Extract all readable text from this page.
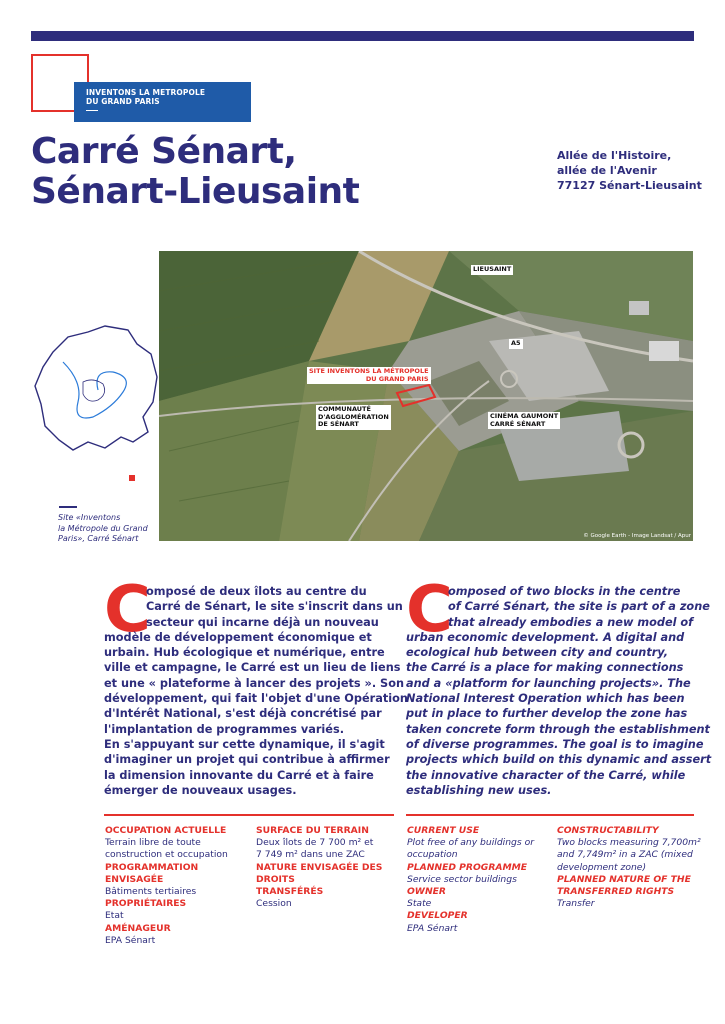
INVENTONS LA METROPOLE
DU GRAND PARIS
Carré Sénart,
Sénart-Lieusaint
Allée de l'Histoire,
allée de l'Avenir
77127 Sénart-Lieusaint
LIEUSAINT
A5
SITE INVENTONS LA MÉTROPOLE
DU GRAND PARIS
COMMUNAUTÉ
D'AGGLOMÉRATION
DE SÉNART
CINÉMA GAUMONT
CARRÉ SÉNART
© Google Earth - Image Landsat / Apur
Site «Inventons
la Métropole du Grand
Paris», Carré Sénart
C
omposé de deux îlots au centre du
Carré de Sénart, le site s'inscrit dans un
secteur qui incarne déjà un nouveau
modèle de développement économique et
urbain. Hub écologique et numérique, entre
ville et campagne, le Carré est un lieu de liens
et une « plateforme à lancer des projets ». Son
développement, qui fait l'objet d'une Opération
d'Intérêt National, s'est déjà concrétisé par
l'implantation de programmes variés.
En s'appuyant sur cette dynamique, il s'agit
d'imaginer un projet qui contribue à affirmer
la dimension innovante du Carré et à faire
émerger de nouveaux usages.
C
omposed of two blocks in the centre
of Carré Sénart, the site is part of a zone
that already embodies a new model of
urban economic development. A digital and
ecological hub between city and country,
the Carré is a place for making connections
and a «platform for launching projects». The
National Interest Operation which has been
put in place to further develop the zone has
taken concrete form through the establishment
of diverse programmes. The goal is to imagine
projects which build on this dynamic and assert
the innovative character of the Carré, while
establishing new uses.
OCCUPATION ACTUELLE
Terrain libre de toute
construction et occupation
PROGRAMMATION ENVISAGÉE
Bâtiments tertiaires
PROPRIÉTAIRES
Etat
AMÉNAGEUR
EPA Sénart
SURFACE DU TERRAIN
Deux îlots de 7 700 m² et
7 749 m² dans une ZAC
NATURE ENVISAGÉE DES DROITS
TRANSFÉRÉS
Cession
CURRENT USE
Plot free of any buildings or
occupation
PLANNED PROGRAMME
Service sector buildings
OWNER
State
DEVELOPER
EPA Sénart
CONSTRUCTABILITY
Two blocks measuring 7,700m²
and 7,749m² in a ZAC (mixed
development zone)
PLANNED NATURE OF THE
TRANSFERRED RIGHTS
Transfer
